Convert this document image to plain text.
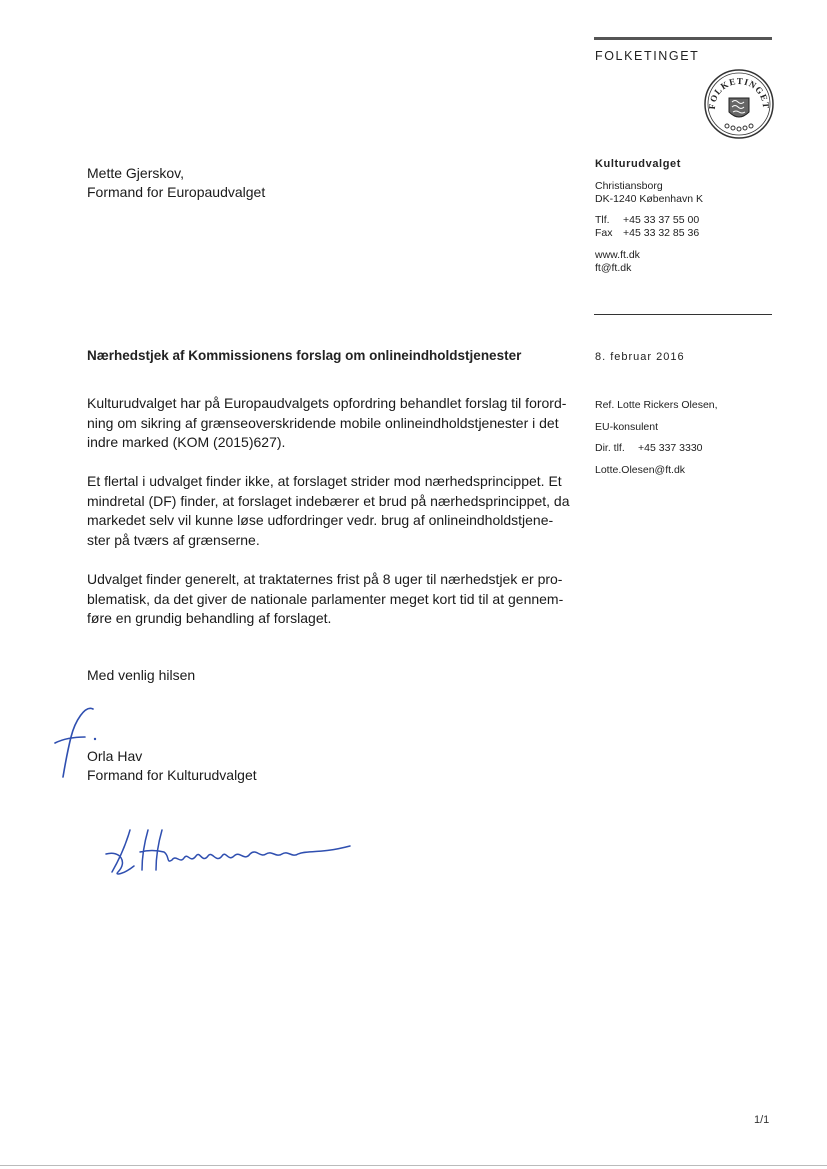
FOLKETINGET
FOLKETINGET
Kulturudvalget
Christiansborg
DK-1240 København K
Tlf. +45 33 37 55 00
Fax +45 33 32 85 36
www.ft.dk
ft@ft.dk
8. februar 2016
Ref. Lotte Rickers Olesen,
EU-konsulent
Dir. tlf. +45 337 3330
Lotte.Olesen@ft.dk
Mette Gjerskov,
Formand for Europaudvalget
Nærhedstjek af Kommissionens forslag om onlineindholdstjenester

Kulturudvalget har på Europaudvalgets opfordring behandlet forslag til forord-

ning om sikring af grænseoverskridende mobile onlineindholdstjenester i det

indre marked (KOM (2015)627).

Et flertal i udvalget finder ikke, at forslaget strider mod nærhedsprincippet. Et

mindretal (DF) finder, at forslaget indebærer et brud på nærhedsprincippet, da

markedet selv vil kunne løse udfordringer vedr. brug af onlineindholdstjene-

ster på tværs af grænserne.

Udvalget finder generelt, at traktaternes frist på 8 uger til nærhedstjek er pro-

blematisk, da det giver de nationale parlamenter meget kort tid til at gennem-

føre en grundig behandling af forslaget.

Med venlig hilsen
Orla Hav
Formand for Kulturudvalget
1/1
